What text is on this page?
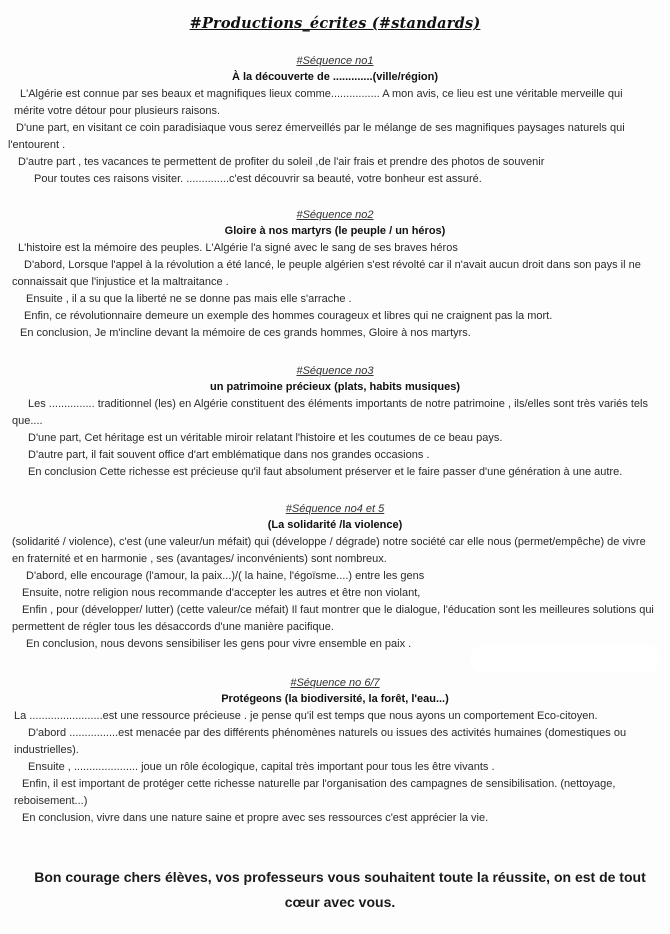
#Productions_écrites (#standards)

#Séquence no1

À la découverte de .............(ville/région)

L'Algérie est connue par ses beaux et magnifiques lieux comme................ A mon avis, ce lieu est une véritable merveille qui mérite votre détour pour plusieurs raisons.

D'une part, en visitant ce coin paradisiaque vous serez émerveillés par le mélange de ses magnifiques paysages naturels qui l'entourent .

D'autre part , tes vacances te permettent de profiter du soleil ,de l'air frais et prendre des photos de souvenir

Pour toutes ces raisons visiter. ..............c'est découvrir sa beauté, votre bonheur est assuré.

#Séquence no2

Gloire à nos martyrs (le peuple / un héros)

L'histoire est la mémoire des peuples. L'Algérie l'a signé avec le sang de ses braves héros

D'abord, Lorsque l'appel à la révolution a été lancé, le peuple algérien s'est révolté car il n'avait aucun droit dans son pays il ne connaissait que l'injustice et la maltraitance .

Ensuite , il a su que la liberté ne se donne pas mais elle s'arrache .

Enfin, ce révolutionnaire demeure un exemple des hommes courageux et libres qui ne craignent pas la mort.

En conclusion, Je m'incline devant la mémoire de ces grands hommes, Gloire à nos martyrs.

#Séquence no3

un patrimoine précieux (plats, habits musiques)

Les ............... traditionnel (les) en Algérie constituent des éléments importants de notre patrimoine , ils/elles sont très variés tels que....

D'une part, Cet héritage est un véritable miroir relatant l'histoire et les coutumes de ce beau pays.

D'autre part, il fait souvent office d'art emblématique dans nos grandes occasions .

En conclusion Cette richesse est précieuse qu'il faut absolument préserver et le faire passer d'une génération à une autre.

#Séquence no4 et 5

(La solidarité /la violence)

(solidarité / violence), c'est (une valeur/un méfait) qui (développe / dégrade) notre société car elle nous (permet/empêche) de vivre en fraternité et en harmonie , ses (avantages/ inconvénients) sont nombreux.

D'abord, elle encourage (l'amour, la paix...)/( la haine, l'égoïsme....) entre les gens

Ensuite, notre religion nous recommande d'accepter les autres et être non violant,

Enfin , pour (développer/ lutter) (cette valeur/ce méfait) Il faut montrer que le dialogue, l'éducation sont les meilleures solutions qui permettent de régler tous les désaccords d'une manière pacifique.

En conclusion, nous devons sensibiliser les gens pour vivre ensemble en paix .

#Séquence no 6/7

Protégeons (la biodiversité, la forêt, l'eau...)

La ........................est une ressource précieuse . je pense qu'il est temps que nous ayons un comportement Eco-citoyen.

D'abord ................est menacée par des différents phénomènes naturels ou issues des activités humaines (domestiques ou industrielles).

Ensuite , ..................... joue un rôle écologique, capital très important pour tous les être vivants .

Enfin, il est important de protéger cette richesse naturelle par l'organisation des campagnes de sensibilisation. (nettoyage, reboisement...)

En conclusion, vivre dans une nature saine et propre avec ses ressources c'est apprécier la vie.

Bon courage chers élèves, vos professeurs vous souhaitent toute la réussite, on est de tout cœur avec vous.
